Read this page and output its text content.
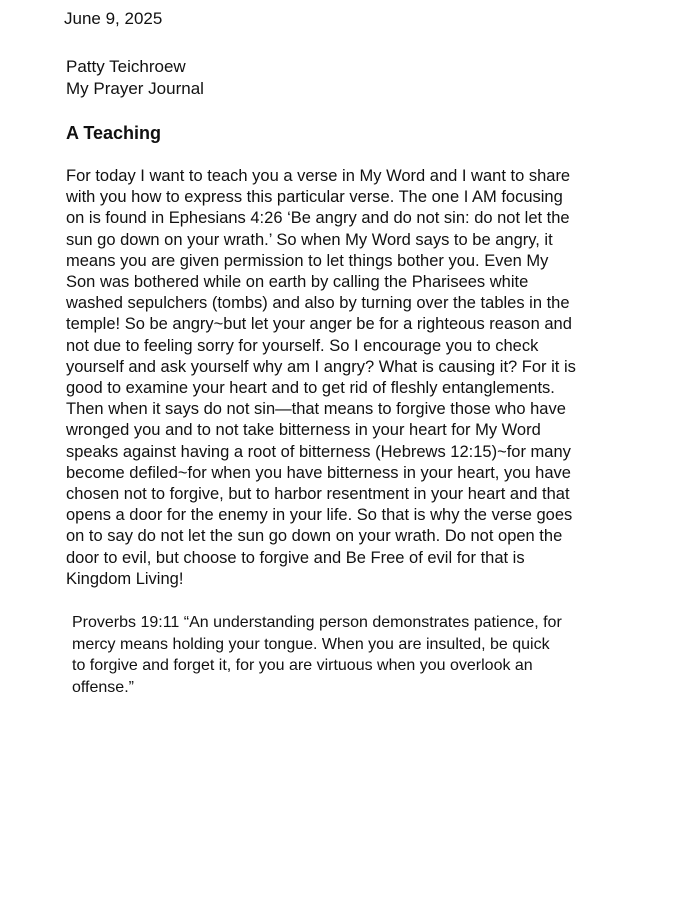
June 9, 2025
Patty Teichroew
My Prayer Journal
A Teaching
For today I want to teach you a verse in My Word and I want to share
with you how to express this particular verse. The one I AM focusing
on is found in Ephesians 4:26 ‘Be angry and do not sin: do not let the
sun go down on your wrath.’ So when My Word says to be angry, it
means you are given permission to let things bother you. Even My
Son was bothered while on earth by calling the Pharisees white
washed sepulchers (tombs) and also by turning over the tables in the
temple! So be angry~but let your anger be for a righteous reason and
not due to feeling sorry for yourself. So I encourage you to check
yourself and ask yourself why am I angry? What is causing it? For it is
good to examine your heart and to get rid of fleshly entanglements.
Then when it says do not sin—that means to forgive those who have
wronged you and to not take bitterness in your heart for My Word
speaks against having a root of bitterness (Hebrews 12:15)~for many
become defiled~for when you have bitterness in your heart, you have
chosen not to forgive, but to harbor resentment in your heart and that
opens a door for the enemy in your life. So that is why the verse goes
on to say do not let the sun go down on your wrath. Do not open the
door to evil, but choose to forgive and Be Free of evil for that is
Kingdom Living!
Proverbs 19:11 “An understanding person demonstrates patience, for
mercy means holding your tongue. When you are insulted, be quick
to forgive and forget it, for you are virtuous when you overlook an
offense.”
